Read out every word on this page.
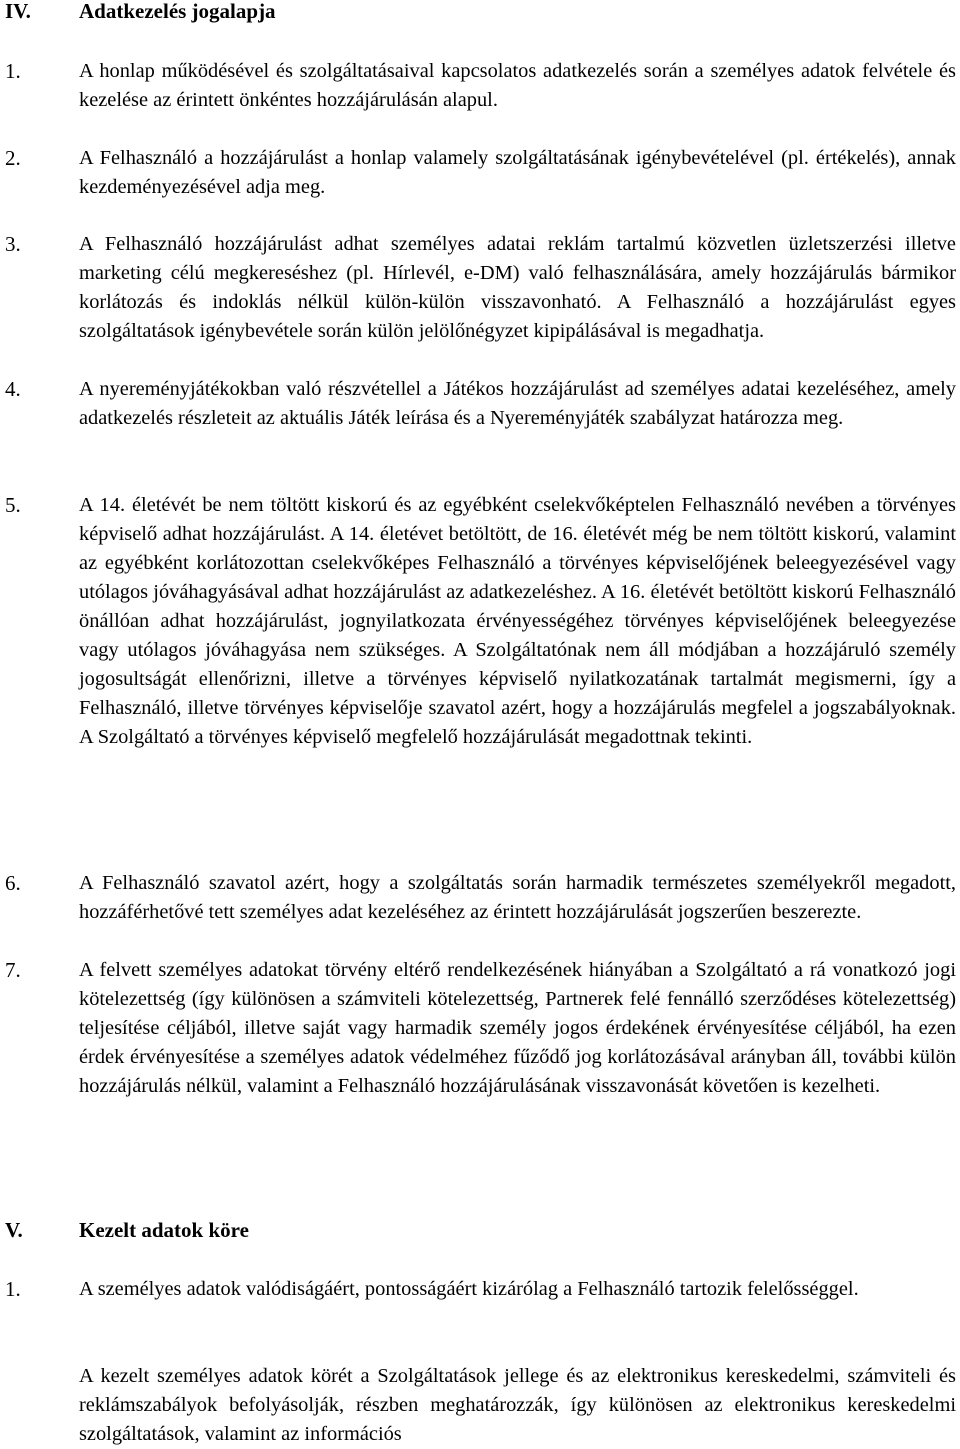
IV. Adatkezelés jogalapja
1.	A honlap működésével és szolgáltatásaival kapcsolatos adatkezelés során a személyes adatok felvétele és kezelése az érintett önkéntes hozzájárulásán alapul.
2.	A Felhasználó a hozzájárulást a honlap valamely szolgáltatásának igénybevételével (pl. értékelés), annak kezdeményezésével adja meg.
3.	A Felhasználó hozzájárulást adhat személyes adatai reklám tartalmú közvetlen üzletszerzési illetve marketing célú megkereséshez (pl. Hírlevél, e-DM) való felhasználására, amely hozzájárulás bármikor korlátozás és indoklás nélkül külön-külön visszavonható. A Felhasználó a hozzájárulást egyes szolgáltatások igénybevétele során külön jelölőnégyzet kipipálásával is megadhatja.
4.	A nyereményjátékokban való részvétellel a Játékos hozzájárulást ad személyes adatai kezeléséhez, amely adatkezelés részleteit az aktuális Játék leírása és a Nyereményjáték szabályzat határozza meg.
5.	A 14. életévét be nem töltött kiskorú és az egyébként cselekvőképtelen Felhasználó nevében a törvényes képviselő adhat hozzájárulást. A 14. életévet betöltött, de 16. életévét még be nem töltött kiskorú, valamint az egyébként korlátozottan cselekvőképes Felhasználó a törvényes képviselőjének beleegyezésével vagy utólagos jóváhagyásával adhat hozzájárulást az adatkezeléshez. A 16. életévét betöltött kiskorú Felhasználó önállóan adhat hozzájárulást, jognyilatkozata érvényességéhez törvényes képviselőjének beleegyezése vagy utólagos jóváhagyása nem szükséges. A Szolgáltatónak nem áll módjában a hozzájáruló személy jogosultságát ellenőrizni, illetve a törvényes képviselő nyilatkozatának tartalmát megismerni, így a Felhasználó, illetve törvényes képviselője szavatol azért, hogy a hozzájárulás megfelel a jogszabályoknak. A Szolgáltató a törvényes képviselő megfelelő hozzájárulását megadottnak tekinti.
6.	A Felhasználó szavatol azért, hogy a szolgáltatás során harmadik természetes személyekről megadott, hozzáférhetővé tett személyes adat kezeléséhez az érintett hozzájárulását jogszerűen beszerezte.
7.	A felvett személyes adatokat törvény eltérő rendelkezésének hiányában a Szolgáltató a rá vonatkozó jogi kötelezettség (így különösen a számviteli kötelezettség, Partnerek felé fennálló szerződéses kötelezettség) teljesítése céljából, illetve saját vagy harmadik személy jogos érdekének érvényesítése céljából, ha ezen érdek érvényesítése a személyes adatok védelméhez fűződő jog korlátozásával arányban áll, további külön hozzájárulás nélkül, valamint a Felhasználó hozzájárulásának visszavonását követően is kezelheti.
V.	Kezelt adatok köre
1.	A személyes adatok valódiságáért, pontosságáért kizárólag a Felhasználó tartozik felelősséggel.
A kezelt személyes adatok körét a Szolgáltatások jellege és az elektronikus kereskedelmi, számviteli és reklámszabályok befolyásolják, részben meghatározzák, így különösen az elektronikus kereskedelmi szolgáltatások, valamint az információs
